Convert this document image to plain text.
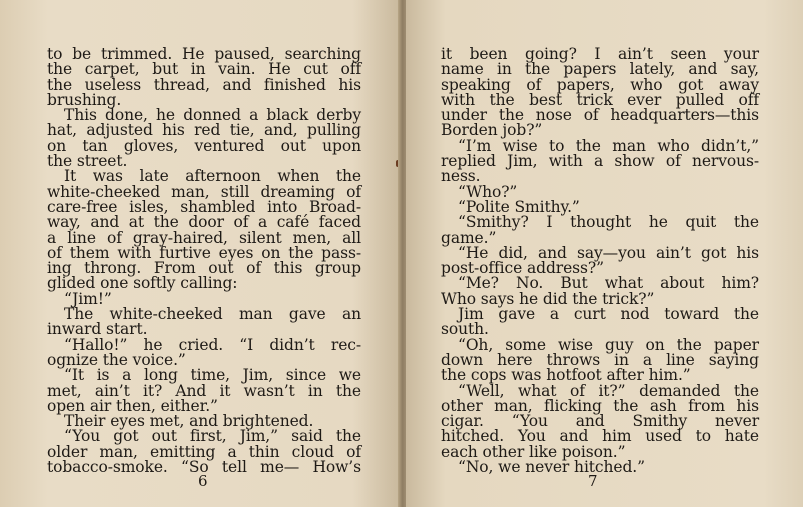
to be trimmed. He paused, searching
the carpet, but in vain. He cut off
the useless thread, and finished his
brushing.
This done, he donned a black derby
hat, adjusted his red tie, and, pulling
on tan gloves, ventured out upon
the street.
It was late afternoon when the
white-cheeked man, still dreaming of
care-free isles, shambled into Broad-
way, and at the door of a café faced
a line of gray-haired, silent men, all
of them with furtive eyes on the pass-
ing throng. From out of this group
glided one softly calling:
“Jim!”
The white-cheeked man gave an
inward start.
“Hallo!” he cried. “I didn’t rec-
ognize the voice.”
“It is a long time, Jim, since we
met, ain’t it? And it wasn’t in the
open air then, either.”
Their eyes met, and brightened.
“You got out first, Jim,” said the
older man, emitting a thin cloud of
tobacco-smoke. “So tell me— How’s
6
it been going? I ain’t seen your
name in the papers lately, and say,
speaking of papers, who got away
with the best trick ever pulled off
under the nose of headquarters—this
Borden job?”
“I’m wise to the man who didn’t,”
replied Jim, with a show of nervous-
ness.
“Who?”
“Polite Smithy.”
“Smithy? I thought he quit the
game.”
“He did, and say—you ain’t got his
post-office address?”
“Me? No. But what about him?
Who says he did the trick?”
Jim gave a curt nod toward the
south.
“Oh, some wise guy on the paper
down here throws in a line saying
the cops was hotfoot after him.”
“Well, what of it?” demanded the
other man, flicking the ash from his
cigar. “You and Smithy never
hitched. You and him used to hate
each other like poison.”
“No, we never hitched.”
7
